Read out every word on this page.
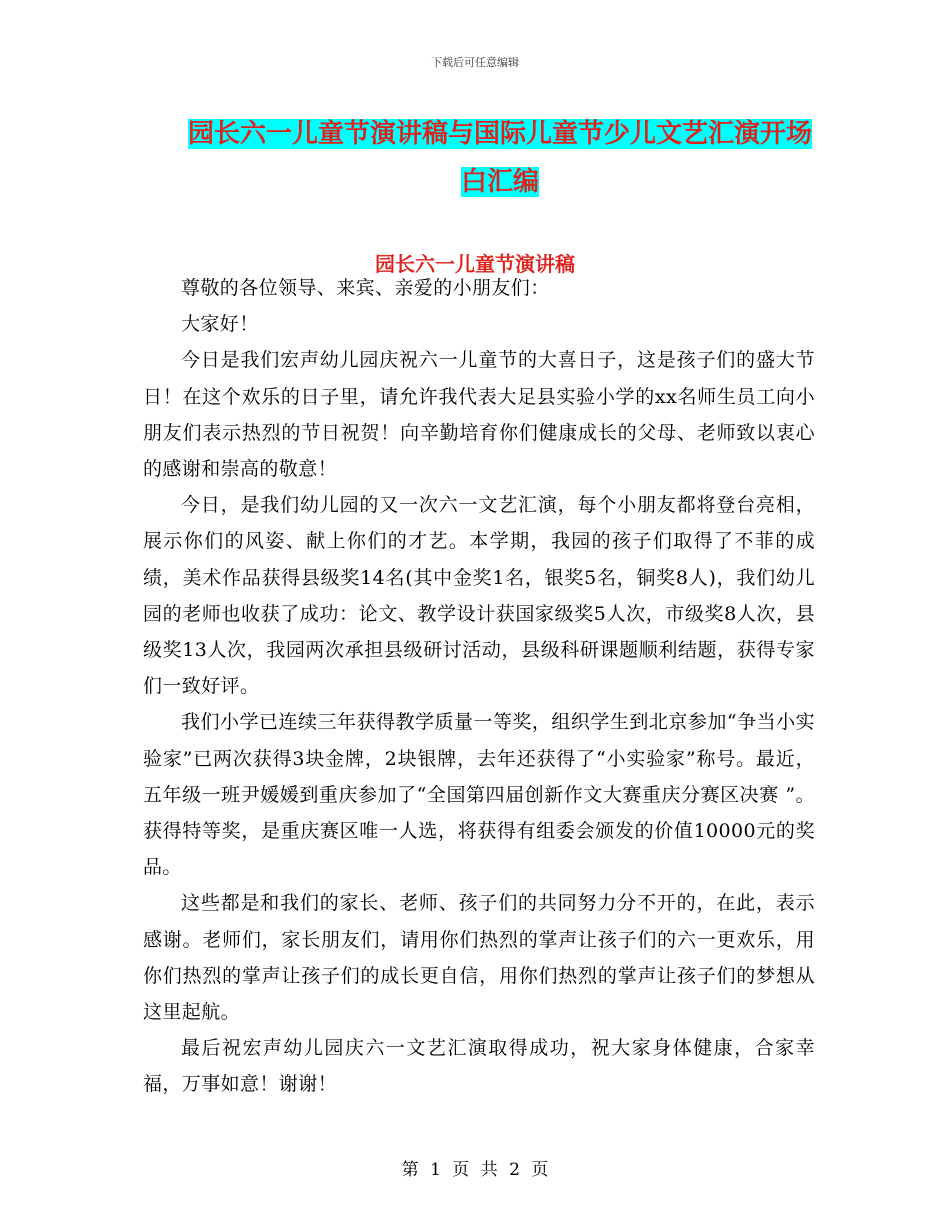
下载后可任意编辑
园长六一儿童节演讲稿与国际儿童节少儿文艺汇演开场白汇编
园长六一儿童节演讲稿

尊敬的各位领导、来宾、亲爱的小朋友们：

大家好！

今日是我们宏声幼儿园庆祝六一儿童节的大喜日子，这是孩子们的盛大节日！在这个欢乐的日子里，请允许我代表大足县实验小学的xx名师生员工向小朋友们表示热烈的节日祝贺！向辛勤培育你们健康成长的父母、老师致以衷心的感谢和崇高的敬意！

今日，是我们幼儿园的又一次六一文艺汇演，每个小朋友都将登台亮相，展示你们的风姿、献上你们的才艺。本学期，我园的孩子们取得了不菲的成绩，美术作品获得县级奖14名(其中金奖1名，银奖5名，铜奖8人)，我们幼儿园的老师也收获了成功：论文、教学设计获国家级奖5人次，市级奖8人次，县级奖13人次，我园两次承担县级研讨活动，县级科研课题顺利结题，获得专家们一致好评。

我们小学已连续三年获得教学质量一等奖，组织学生到北京参加“争当小实验家”已两次获得3块金牌，2块银牌，去年还获得了“小实验家”称号。最近，五年级一班尹媛媛到重庆参加了“全国第四届创新作文大赛重庆分赛区决赛 ”。获得特等奖，是重庆赛区唯一人选，将获得有组委会颁发的价值10000元的奖品。

这些都是和我们的家长、老师、孩子们的共同努力分不开的，在此，表示感谢。老师们，家长朋友们，请用你们热烈的掌声让孩子们的六一更欢乐，用你们热烈的掌声让孩子们的成长更自信，用你们热烈的掌声让孩子们的梦想从这里起航。

最后祝宏声幼儿园庆六一文艺汇演取得成功，祝大家身体健康，合家幸福，万事如意！谢谢！

第 1 页 共 2 页
